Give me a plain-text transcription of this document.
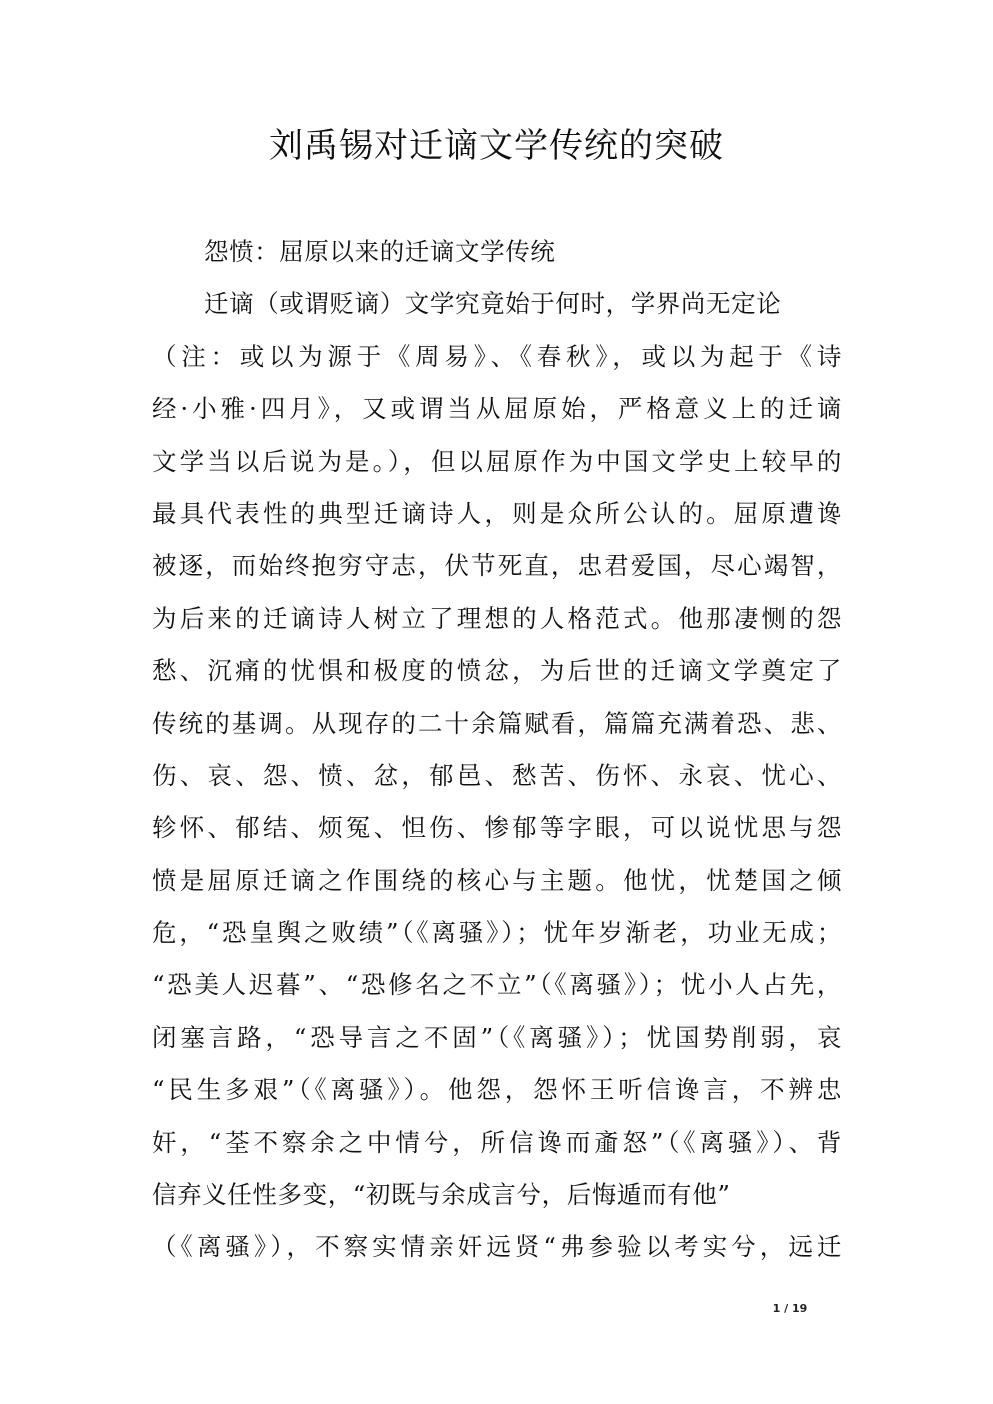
刘禹锡对迁谪文学传统的突破
怨愤：屈原以来的迁谪文学传统
迁谪（或谓贬谪）文学究竟始于何时，学界尚无定论
（注：或以为源于《周易》、《春秋》，或以为起于《诗
经·小雅·四月》，又或谓当从屈原始，严格意义上的迁谪
文学当以后说为是。），但以屈原作为中国文学史上较早的
最具代表性的典型迁谪诗人，则是众所公认的。屈原遭谗
被逐，而始终抱穷守志，伏节死直，忠君爱国，尽心竭智，
为后来的迁谪诗人树立了理想的人格范式。他那凄恻的怨
愁、沉痛的忧惧和极度的愤忿，为后世的迁谪文学奠定了
传统的基调。从现存的二十余篇赋看，篇篇充满着恐、悲、
伤、哀、怨、愤、忿，郁邑、愁苦、伤怀、永哀、忧心、
轸怀、郁结、烦冤、怛伤、惨郁等字眼，可以说忧思与怨
愤是屈原迁谪之作围绕的核心与主题。他忧，忧楚国之倾
危，“恐皇舆之败绩”（《离骚》）；忧年岁渐老，功业无成；
“恐美人迟暮”、“恐修名之不立”（《离骚》）；忧小人占先，
闭塞言路，“恐导言之不固”（《离骚》）；忧国势削弱，哀
“民生多艰”（《离骚》）。他怨，怨怀王听信谗言，不辨忠
奸，“荃不察余之中情兮，所信谗而齑怒”（《离骚》）、背
信弃义任性多变，“初既与余成言兮，后悔遁而有他”
（《离骚》），不察实情亲奸远贤“弗参验以考实兮，远迁
1 / 19
